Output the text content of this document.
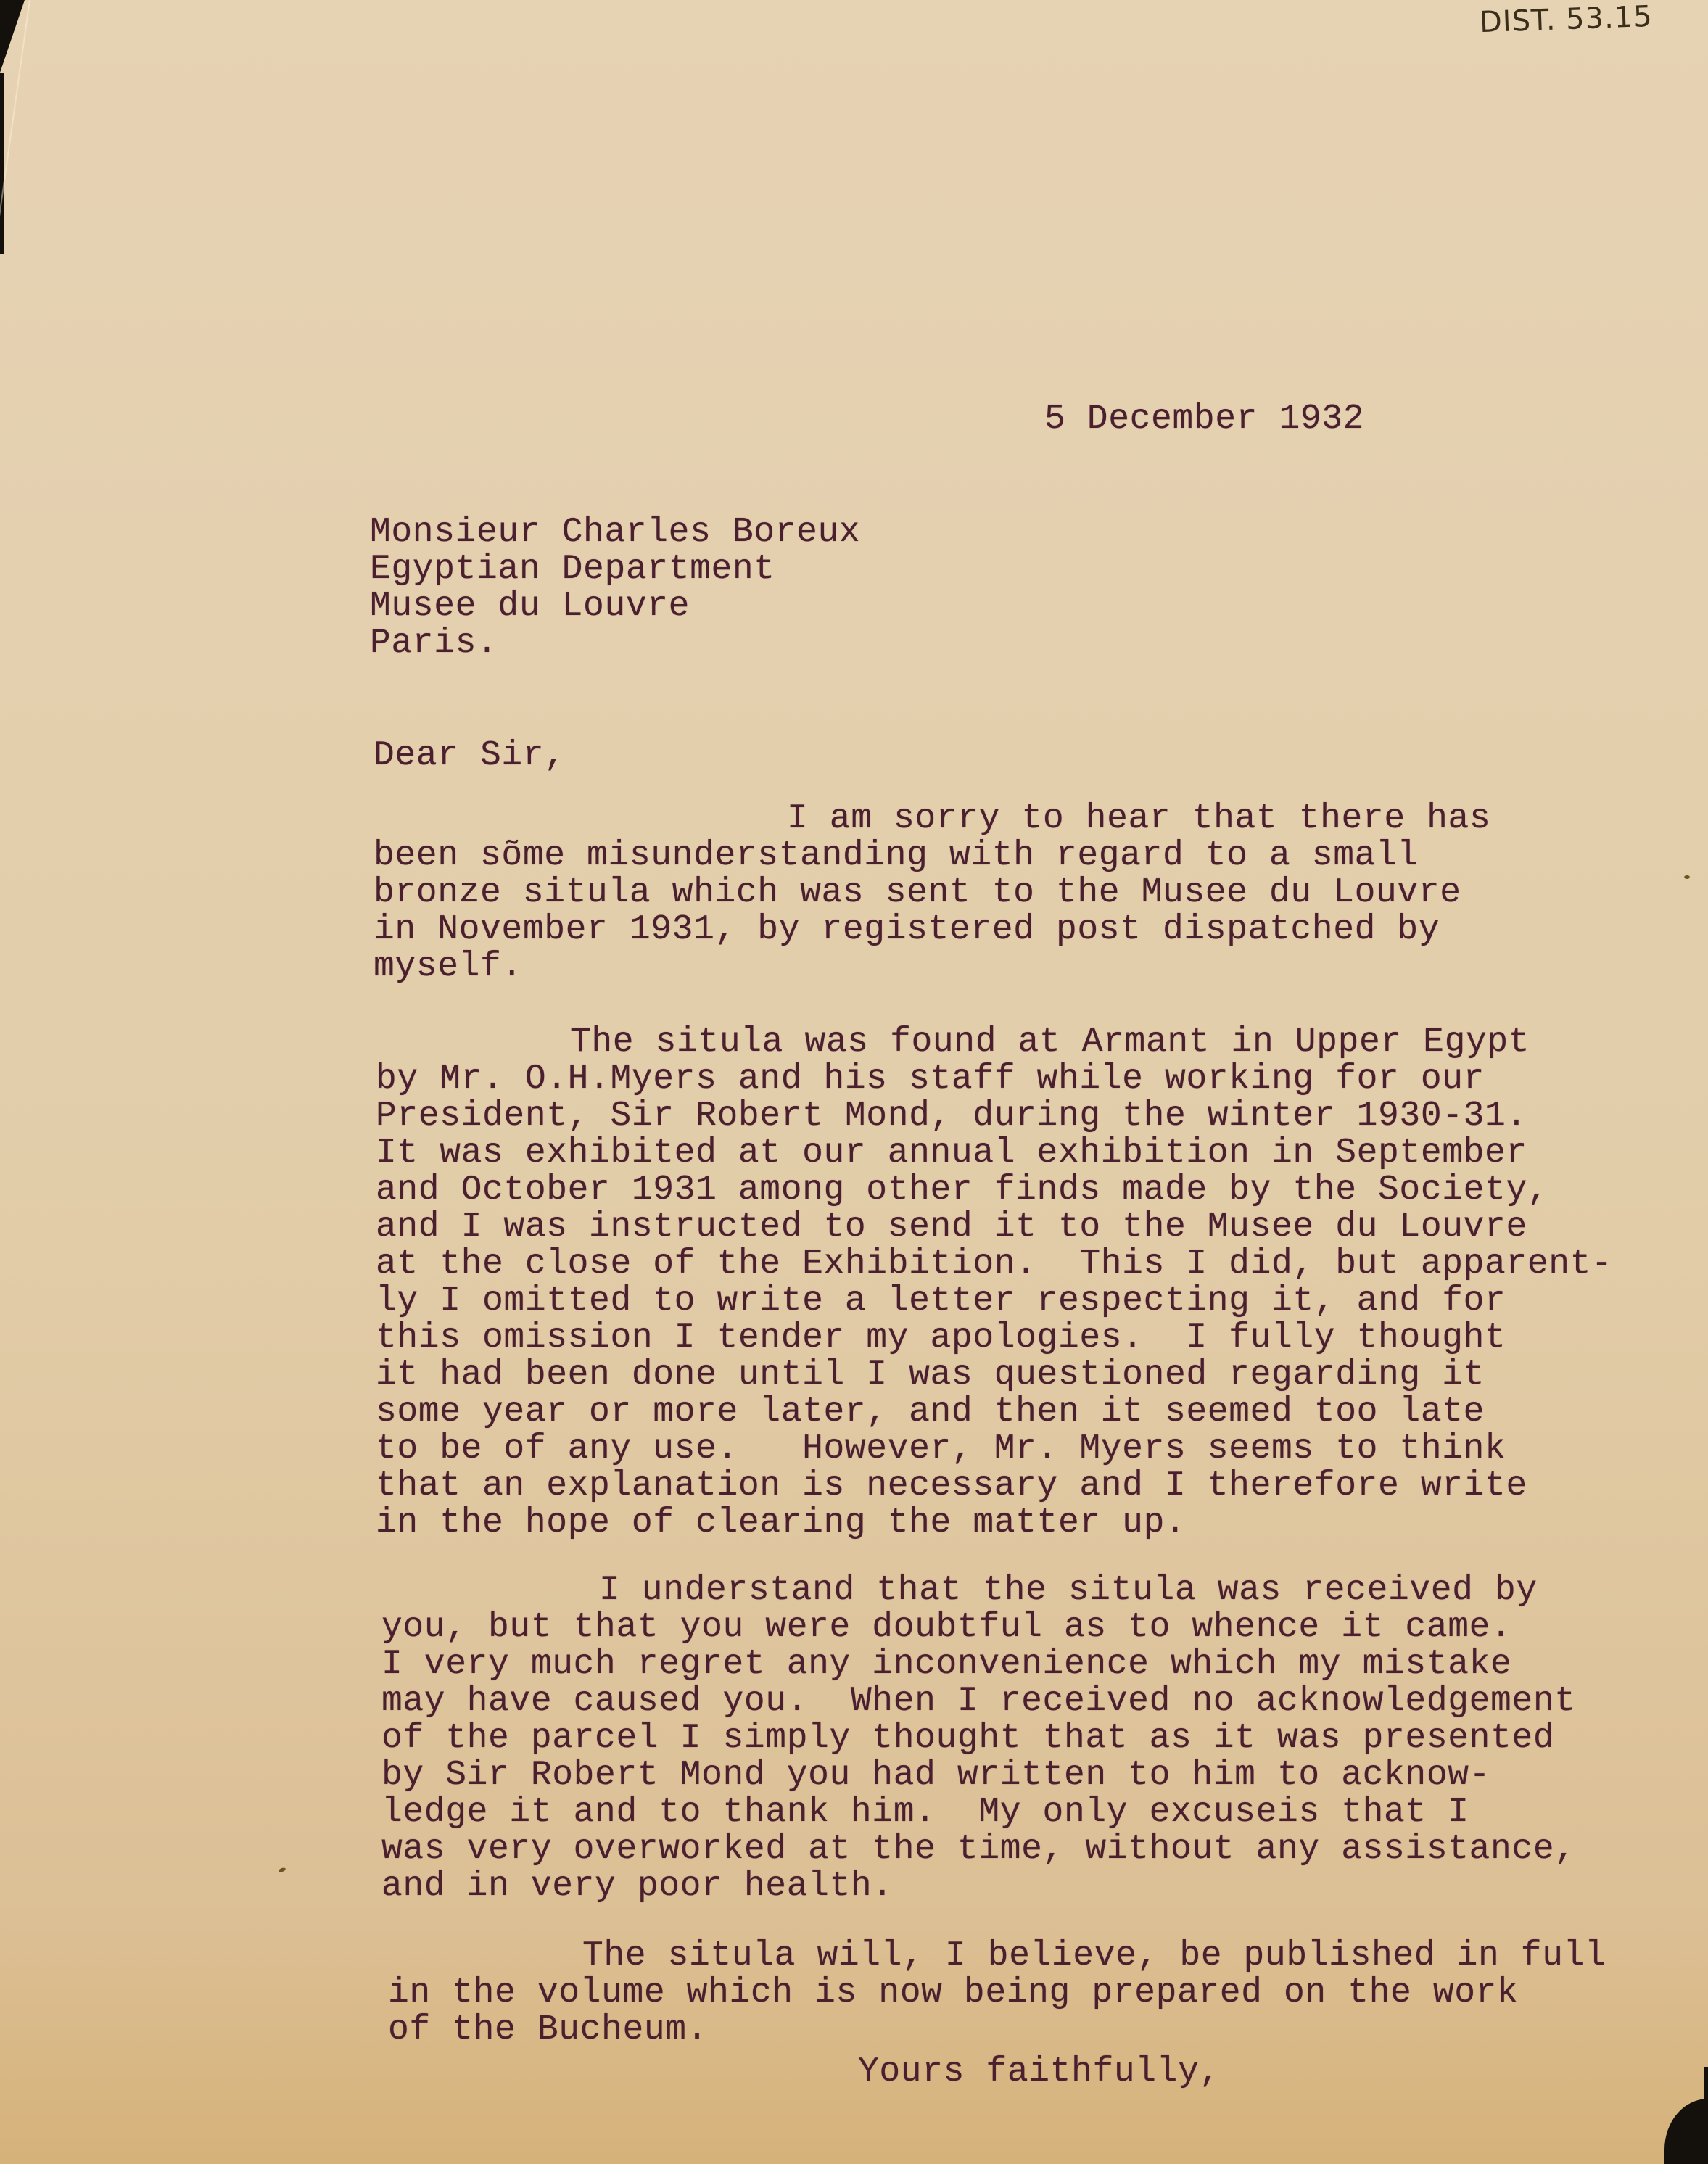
DIST. 53.15
5 December 1932
Monsieur Charles Boreux
Egyptian Department
Musee du Louvre
Paris.
Dear Sir,
I am sorry to hear that there has
been sõme misunderstanding with regard to a small
bronze situla which was sent to the Musee du Louvre
in November 1931, by registered post dispatched by
myself.
The situla was found at Armant in Upper Egypt
by Mr. O.H.Myers and his staff while working for our
President, Sir Robert Mond, during the winter 1930-31.
It was exhibited at our annual exhibition in September
and October 1931 among other finds made by the Society,
and I was instructed to send it to the Musee du Louvre
at the close of the Exhibition.  This I did, but apparent-
ly I omitted to write a letter respecting it, and for
this omission I tender my apologies.  I fully thought
it had been done until I was questioned regarding it
some year or more later, and then it seemed too late
to be of any use.   However, Mr. Myers seems to think
that an explanation is necessary and I therefore write
in the hope of clearing the matter up.
I understand that the situla was received by
you, but that you were doubtful as to whence it came.
I very much regret any inconvenience which my mistake
may have caused you.  When I received no acknowledgement
of the parcel I simply thought that as it was presented
by Sir Robert Mond you had written to him to acknow-
ledge it and to thank him.  My only excuseis that I
was very overworked at the time, without any assistance,
and in very poor health.
The situla will, I believe, be published in full
in the volume which is now being prepared on the work
of the Bucheum.
Yours faithfully,
